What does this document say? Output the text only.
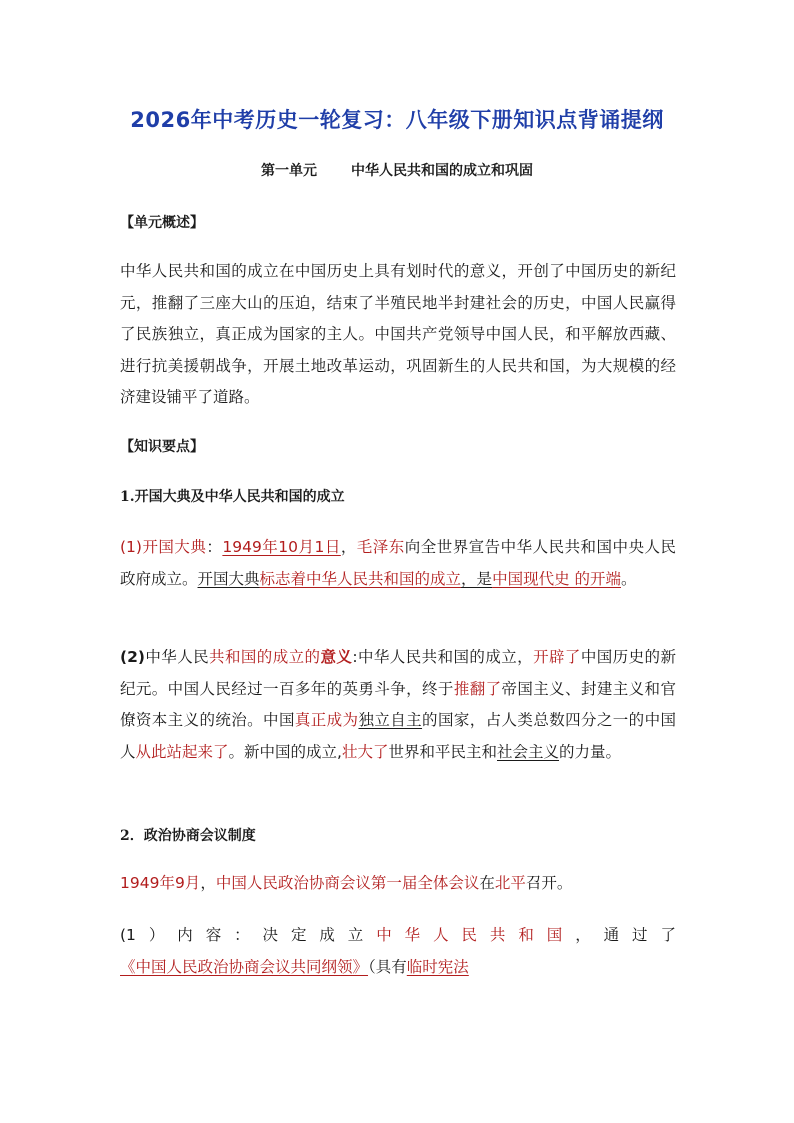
2026年中考历史一轮复习：八年级下册知识点背诵提纲
第一单元 中华人民共和国的成立和巩固
【单元概述】
中华人民共和国的成立在中国历史上具有划时代的意义，开创了中国历史的新纪元，推翻了三座大山的压迫，结束了半殖民地半封建社会的历史，中国人民赢得了民族独立，真正成为国家的主人。中国共产党领导中国人民，和平解放西藏、进行抗美援朝战争，开展土地改革运动，巩固新生的人民共和国，为大规模的经济建设铺平了道路。
【知识要点】
1.开国大典及中华人民共和国的成立
(1)开国大典：1949年10月1日，毛泽东向全世界宣告中华人民共和国中央人民政府成立。开国大典标志着中华人民共和国的成立，是中国现代史 的开端。
(2)中华人民共和国的成立的意义:中华人民共和国的成立，开辟了中国历史的新纪元。中国人民经过一百多年的英勇斗争，终于推翻了帝国主义、封建主义和官僚资本主义的统治。中国真正成为独立自主的国家，占人类总数四分之一的中国人从此站起来了。新中国的成立,壮大了世界和平民主和社会主义的力量。
2．政治协商会议制度
1949年9月，中国人民政治协商会议第一届全体会议在北平召开。
(1）内容：决定成立中华人民共和国，通过了《中国人民政治协商会议共同纲领》（具有临时宪法
